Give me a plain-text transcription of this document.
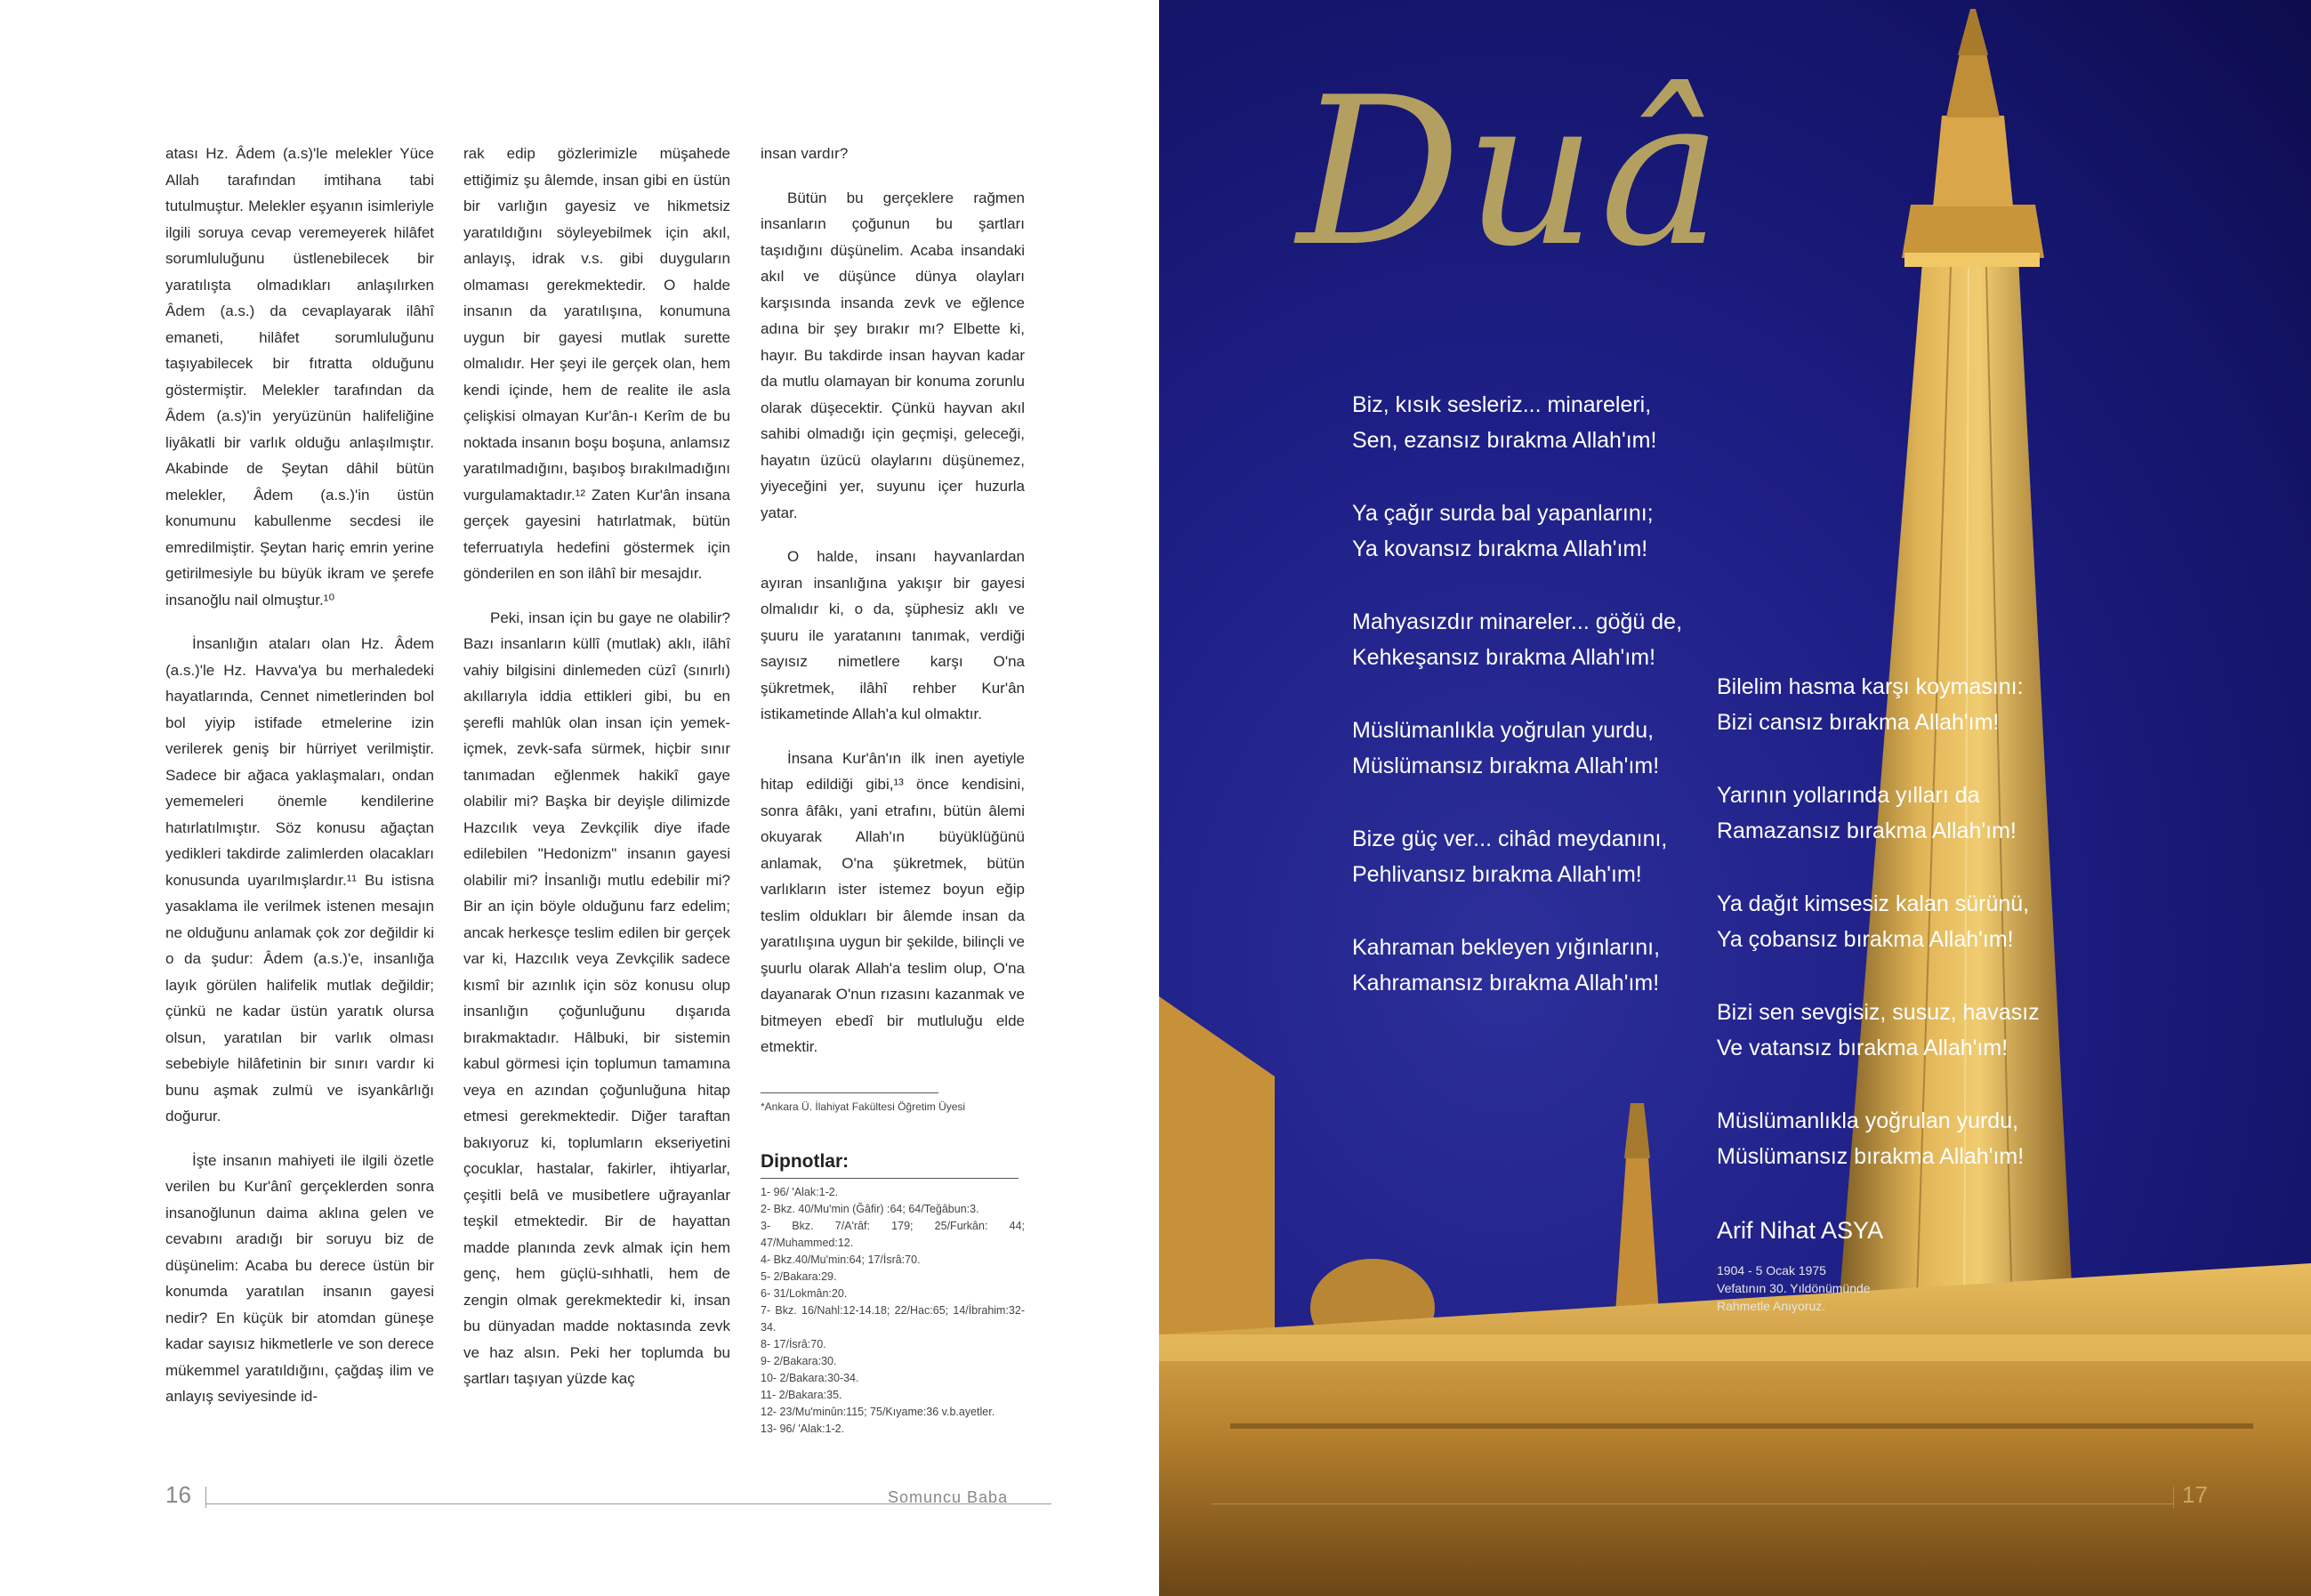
atası Hz. Âdem (a.s)'le melekler Yüce Allah tarafından imtihana tabi tutulmuştur. Melekler eşyanın isimleriyle ilgili soruya cevap veremeyerek hilâfet sorumluluğunu üstlenebilecek bir yaratılışta olmadıkları anlaşılırken Âdem (a.s.) da cevaplayarak ilâhî emaneti, hilâfet sorumluluğunu taşıyabilecek bir fıtratta olduğunu göstermiştir. Melekler tarafından da Âdem (a.s)'in yeryüzünün halifeliğine liyâkatli bir varlık olduğu anlaşılmıştır. Akabinde de Şeytan dâhil bütün melekler, Âdem (a.s.)'in üstün konumunu kabullenme secdesi ile emredilmiştir. Şeytan hariç emrin yerine getirilmesiyle bu büyük ikram ve şerefe insanoğlu nail olmuştur.¹⁰

İnsanlığın ataları olan Hz. Âdem (a.s.)'le Hz. Havva'ya bu merhaledeki hayatlarında, Cennet nimetlerinden bol bol yiyip istifade etmelerine izin verilerek geniş bir hürriyet verilmiştir. Sadece bir ağaca yaklaşmaları, ondan yememeleri önemle kendilerine hatırlatılmıştır. Söz konusu ağaçtan yedikleri takdirde zalimlerden olacakları konusunda uyarılmışlardır.¹¹ Bu istisna yasaklama ile verilmek istenen mesajın ne olduğunu anlamak çok zor değildir ki o da şudur: Âdem (a.s.)'e, insanlığa layık görülen halifelik mutlak değildir; çünkü ne kadar üstün yaratık olursa olsun, yaratılan bir varlık olması sebebiyle hilâfetinin bir sınırı vardır ki bunu aşmak zulmü ve isyankârlığı doğurur.

İşte insanın mahiyeti ile ilgili özetle verilen bu Kur'ânî gerçeklerden sonra insanoğlunun daima aklına gelen ve cevabını aradığı bir soruyu biz de düşünelim: Acaba bu derece üstün bir konumda yaratılan insanın gayesi nedir? En küçük bir atomdan güneşe kadar sayısız hikmetlerle ve son derece mükemmel yaratıldığını, çağdaş ilim ve anlayış seviyesinde id-

rak edip gözlerimizle müşahede ettiğimiz şu âlemde, insan gibi en üstün bir varlığın gayesiz ve hikmetsiz yaratıldığını söyleyebilmek için akıl, anlayış, idrak v.s. gibi duyguların olmaması gerekmektedir. O halde insanın da yaratılışına, konumuna uygun bir gayesi mutlak surette olmalıdır. Her şeyi ile gerçek olan, hem kendi içinde, hem de realite ile asla çelişkisi olmayan Kur'ân-ı Kerîm de bu noktada insanın boşu boşuna, anlamsız yaratılmadığını, başıboş bırakılmadığını vurgulamaktadır.¹² Zaten Kur'ân insana gerçek gayesini hatırlatmak, bütün teferruatıyla hedefini göstermek için gönderilen en son ilâhî bir mesajdır.

Peki, insan için bu gaye ne olabilir? Bazı insanların küllî (mutlak) aklı, ilâhî vahiy bilgisini dinlemeden cüzî (sınırlı) akıllarıyla iddia ettikleri gibi, bu en şerefli mahlûk olan insan için yemek-içmek, zevk-safa sürmek, hiçbir sınır tanımadan eğlenmek hakikî gaye olabilir mi? Başka bir deyişle dilimizde Hazcılık veya Zevkçilik diye ifade edilebilen "Hedonizm" insanın gayesi olabilir mi? İnsanlığı mutlu edebilir mi? Bir an için böyle olduğunu farz edelim; ancak herkesçe teslim edilen bir gerçek var ki, Hazcılık veya Zevkçilik sadece kısmî bir azınlık için söz konusu olup insanlığın çoğunluğunu dışarıda bırakmaktadır. Hâlbuki, bir sistemin kabul görmesi için toplumun tamamına veya en azından çoğunluğuna hitap etmesi gerekmektedir. Diğer taraftan bakıyoruz ki, toplumların ekseriyetini çocuklar, hastalar, fakirler, ihtiyarlar, çeşitli belâ ve musibetlere uğrayanlar teşkil etmektedir. Bir de hayattan madde planında zevk almak için hem genç, hem güçlü-sıhhatli, hem de zengin olmak gerekmektedir ki, insan bu dünyadan madde noktasında zevk ve haz alsın. Peki her toplumda bu şartları taşıyan yüzde kaç

insan vardır?

Bütün bu gerçeklere rağmen insanların çoğunun bu şartları taşıdığını düşünelim. Acaba insandaki akıl ve düşünce dünya olayları karşısında insanda zevk ve eğlence adına bir şey bırakır mı? Elbette ki, hayır. Bu takdirde insan hayvan kadar da mutlu olamayan bir konuma zorunlu olarak düşecektir. Çünkü hayvan akıl sahibi olmadığı için geçmişi, geleceği, hayatın üzücü olaylarını düşünemez, yiyeceğini yer, suyunu içer huzurla yatar.

O halde, insanı hayvanlardan ayıran insanlığına yakışır bir gayesi olmalıdır ki, o da, şüphesiz aklı ve şuuru ile yaratanını tanımak, verdiği sayısız nimetlere karşı O'na şükretmek, ilâhî rehber Kur'ân istikametinde Allah'a kul olmaktır.

İnsana Kur'ân'ın ilk inen ayetiyle hitap edildiği gibi,¹³ önce kendisini, sonra âfâkı, yani etrafını, bütün âlemi okuyarak Allah'ın büyüklüğünü anlamak, O'na şükretmek, bütün varlıkların ister istemez boyun eğip teslim oldukları bir âlemde insan da yaratılışına uygun bir şekilde, bilinçli ve şuurlu olarak Allah'a teslim olup, O'na dayanarak O'nun rızasını kazanmak ve bitmeyen ebedî bir mutluluğu elde etmektir.

*Ankara Ü. İlahiyat Fakültesi Öğretim Üyesi
Dipnotlar:
1- 96/ 'Alak:1-2.
2- Bkz. 40/Mu'min (Ğâfir) :64; 64/Teğâbun:3.
3- Bkz. 7/A'râf: 179; 25/Furkân: 44; 47/Muhammed:12.
4- Bkz.40/Mu'min:64; 17/İsrâ:70.
5- 2/Bakara:29.
6- 31/Lokmân:20.
7- Bkz. 16/Nahl:12-14.18; 22/Hac:65; 14/İbrahim:32-34.
8- 17/İsrâ:70.
9- 2/Bakara:30.
10- 2/Bakara:30-34.
11- 2/Bakara:35.
12- 23/Mu'minûn:115; 75/Kıyame:36 v.b.ayetler.
13- 96/ 'Alak:1-2.
16	Somuncu Baba
Duâ

Biz, kısık sesleriz... minareleri,
Sen, ezansız bırakma Allah'ım!

Ya çağır surda bal yapanlarını;
Ya kovansız bırakma Allah'ım!

Mahyasızdır minareler... göğü de,
Kehkeşansız bırakma Allah'ım!

Müslümanlıkla yoğrulan yurdu,
Müslümansız bırakma Allah'ım!

Bize güç ver... cihâd meydanını,
Pehlivansız bırakma Allah'ım!

Kahraman bekleyen yığınlarını,
Kahramansız bırakma Allah'ım!

Bilelim hasma karşı koymasını:
Bizi cansız bırakma Allah'ım!

Yarının yollarında yılları da
Ramazansız bırakma Allah'ım!

Ya dağıt kimsesiz kalan sürünü,
Ya çobansız bırakma Allah'ım!

Bizi sen sevgisiz, susuz, havasız
Ve vatansız bırakma Allah'ım!

Müslümanlıkla yoğrulan yurdu,
Müslümansız bırakma Allah'ım!

Arif Nihat ASYA
1904 - 5 Ocak 1975
Vefatının 30. Yıldönümünde
Rahmetle Anıyoruz.
17
